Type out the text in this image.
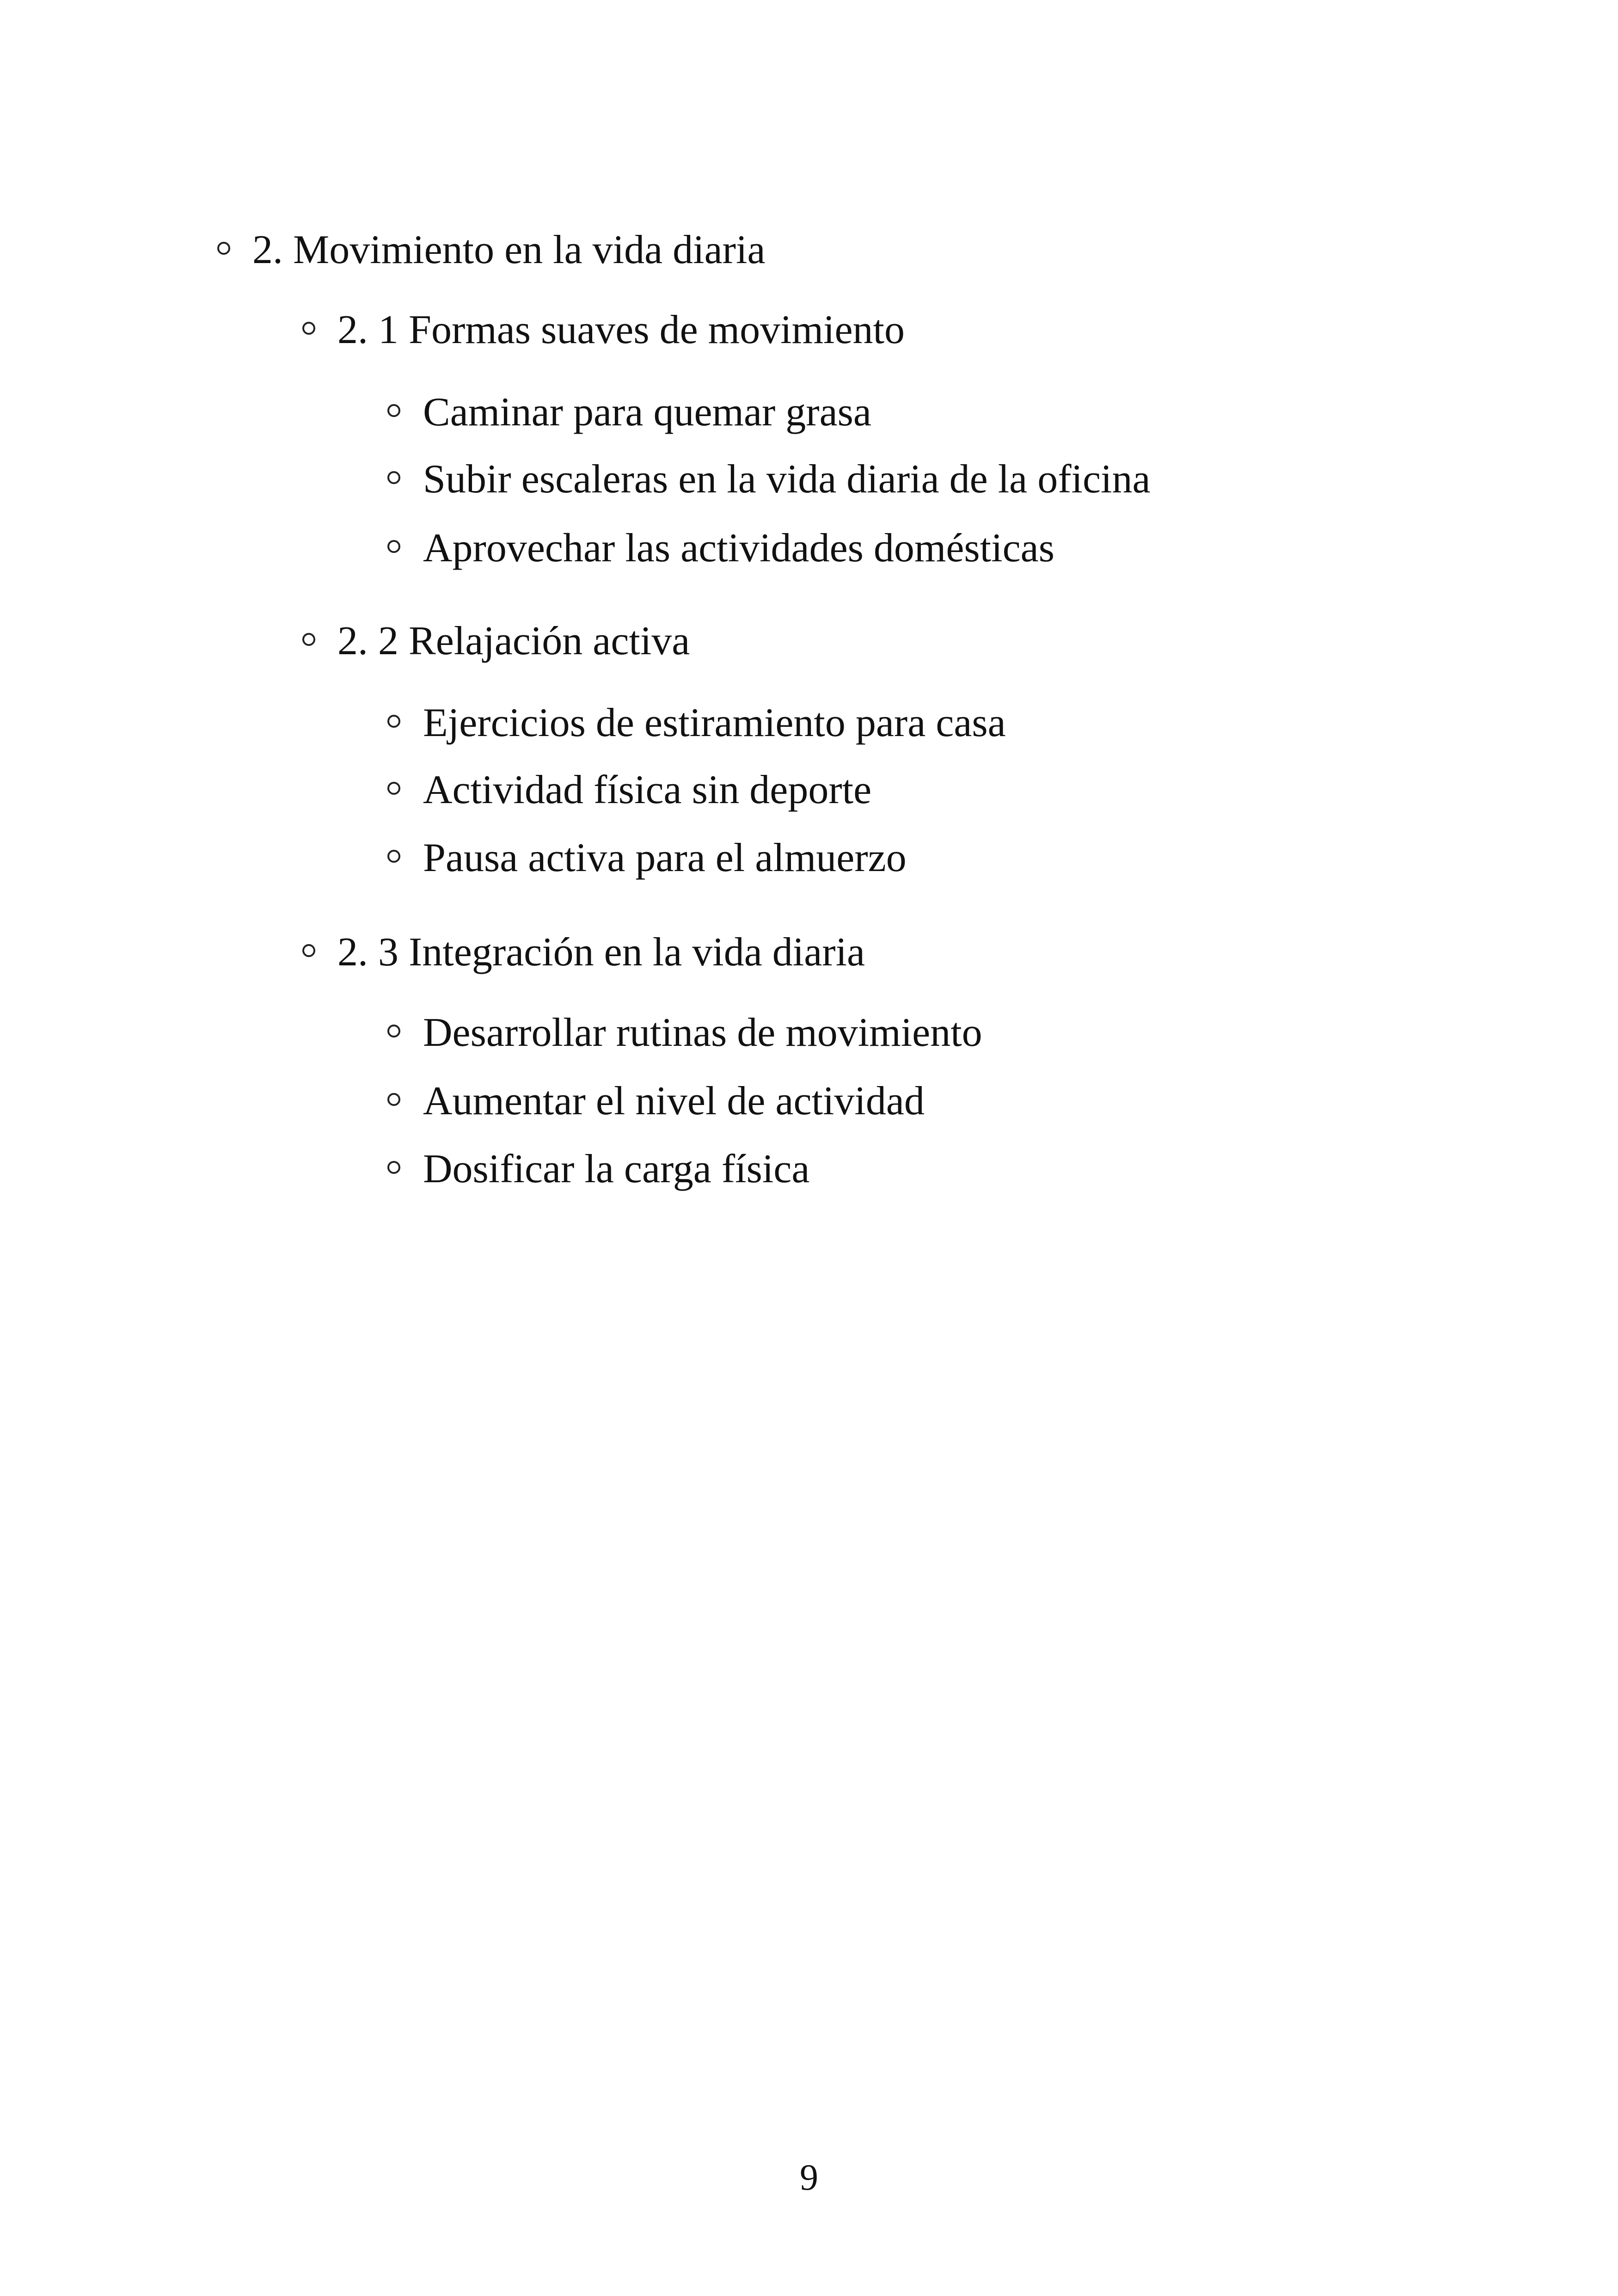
2. Movimiento en la vida diaria
2. 1 Formas suaves de movimiento
Caminar para quemar grasa
Subir escaleras en la vida diaria de la oficina
Aprovechar las actividades domésticas
2. 2 Relajación activa
Ejercicios de estiramiento para casa
Actividad física sin deporte
Pausa activa para el almuerzo
2. 3 Integración en la vida diaria
Desarrollar rutinas de movimiento
Aumentar el nivel de actividad
Dosificar la carga física
9
